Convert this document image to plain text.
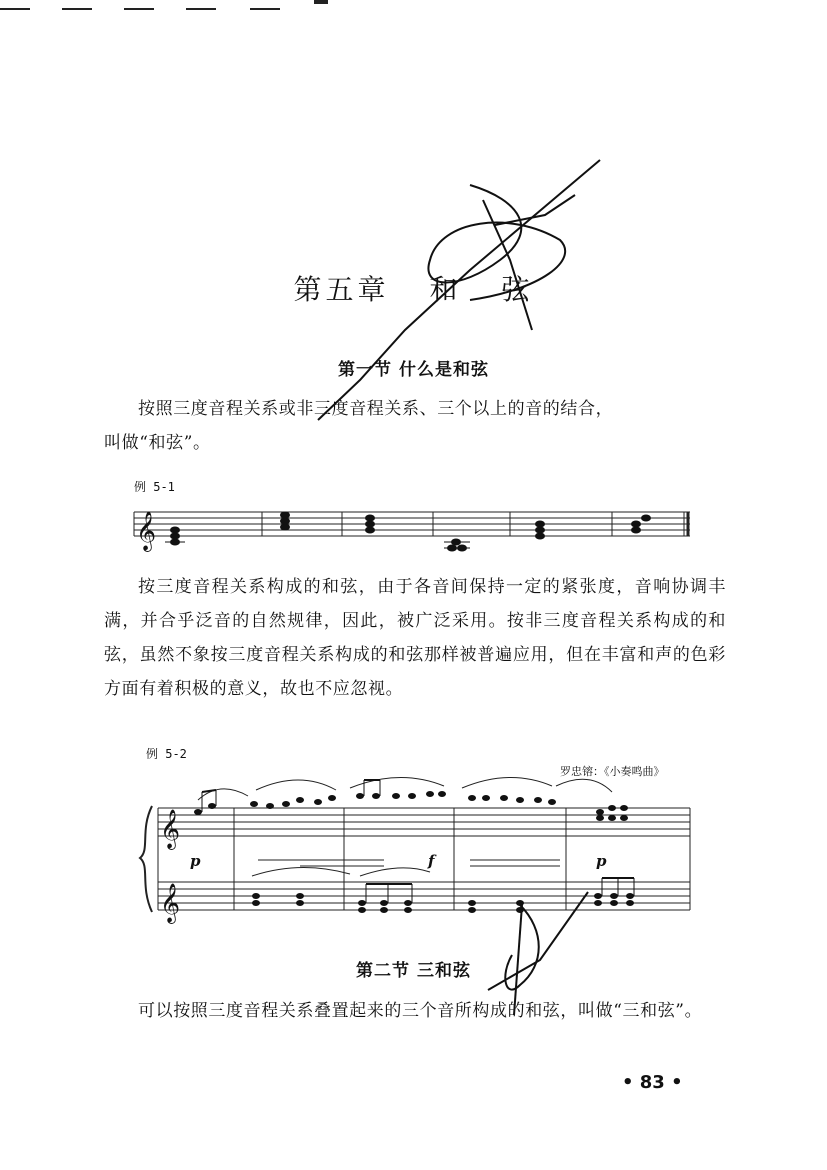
第五章 和 弦
第一节 什么是和弦
按照三度音程关系或非三度音程关系、三个以上的音的结合，
叫做“和弦”。
例 5-1
𝄞
按三度音程关系构成的和弦，由于各音间保持一定的紧张度，音响协调丰满，并合乎泛音的自然规律，因此，被广泛采用。按非三度音程关系构成的和弦，虽然不象按三度音程关系构成的和弦那样被普遍应用，但在丰富和声的色彩方面有着积极的意义，故也不应忽视。
例 5-2
罗忠镕：《小奏鸣曲》
𝄞
𝄞
p	f	p
第二节 三和弦
可以按照三度音程关系叠置起来的三个音所构成的和弦，叫做“三和弦”。
• 83 •
